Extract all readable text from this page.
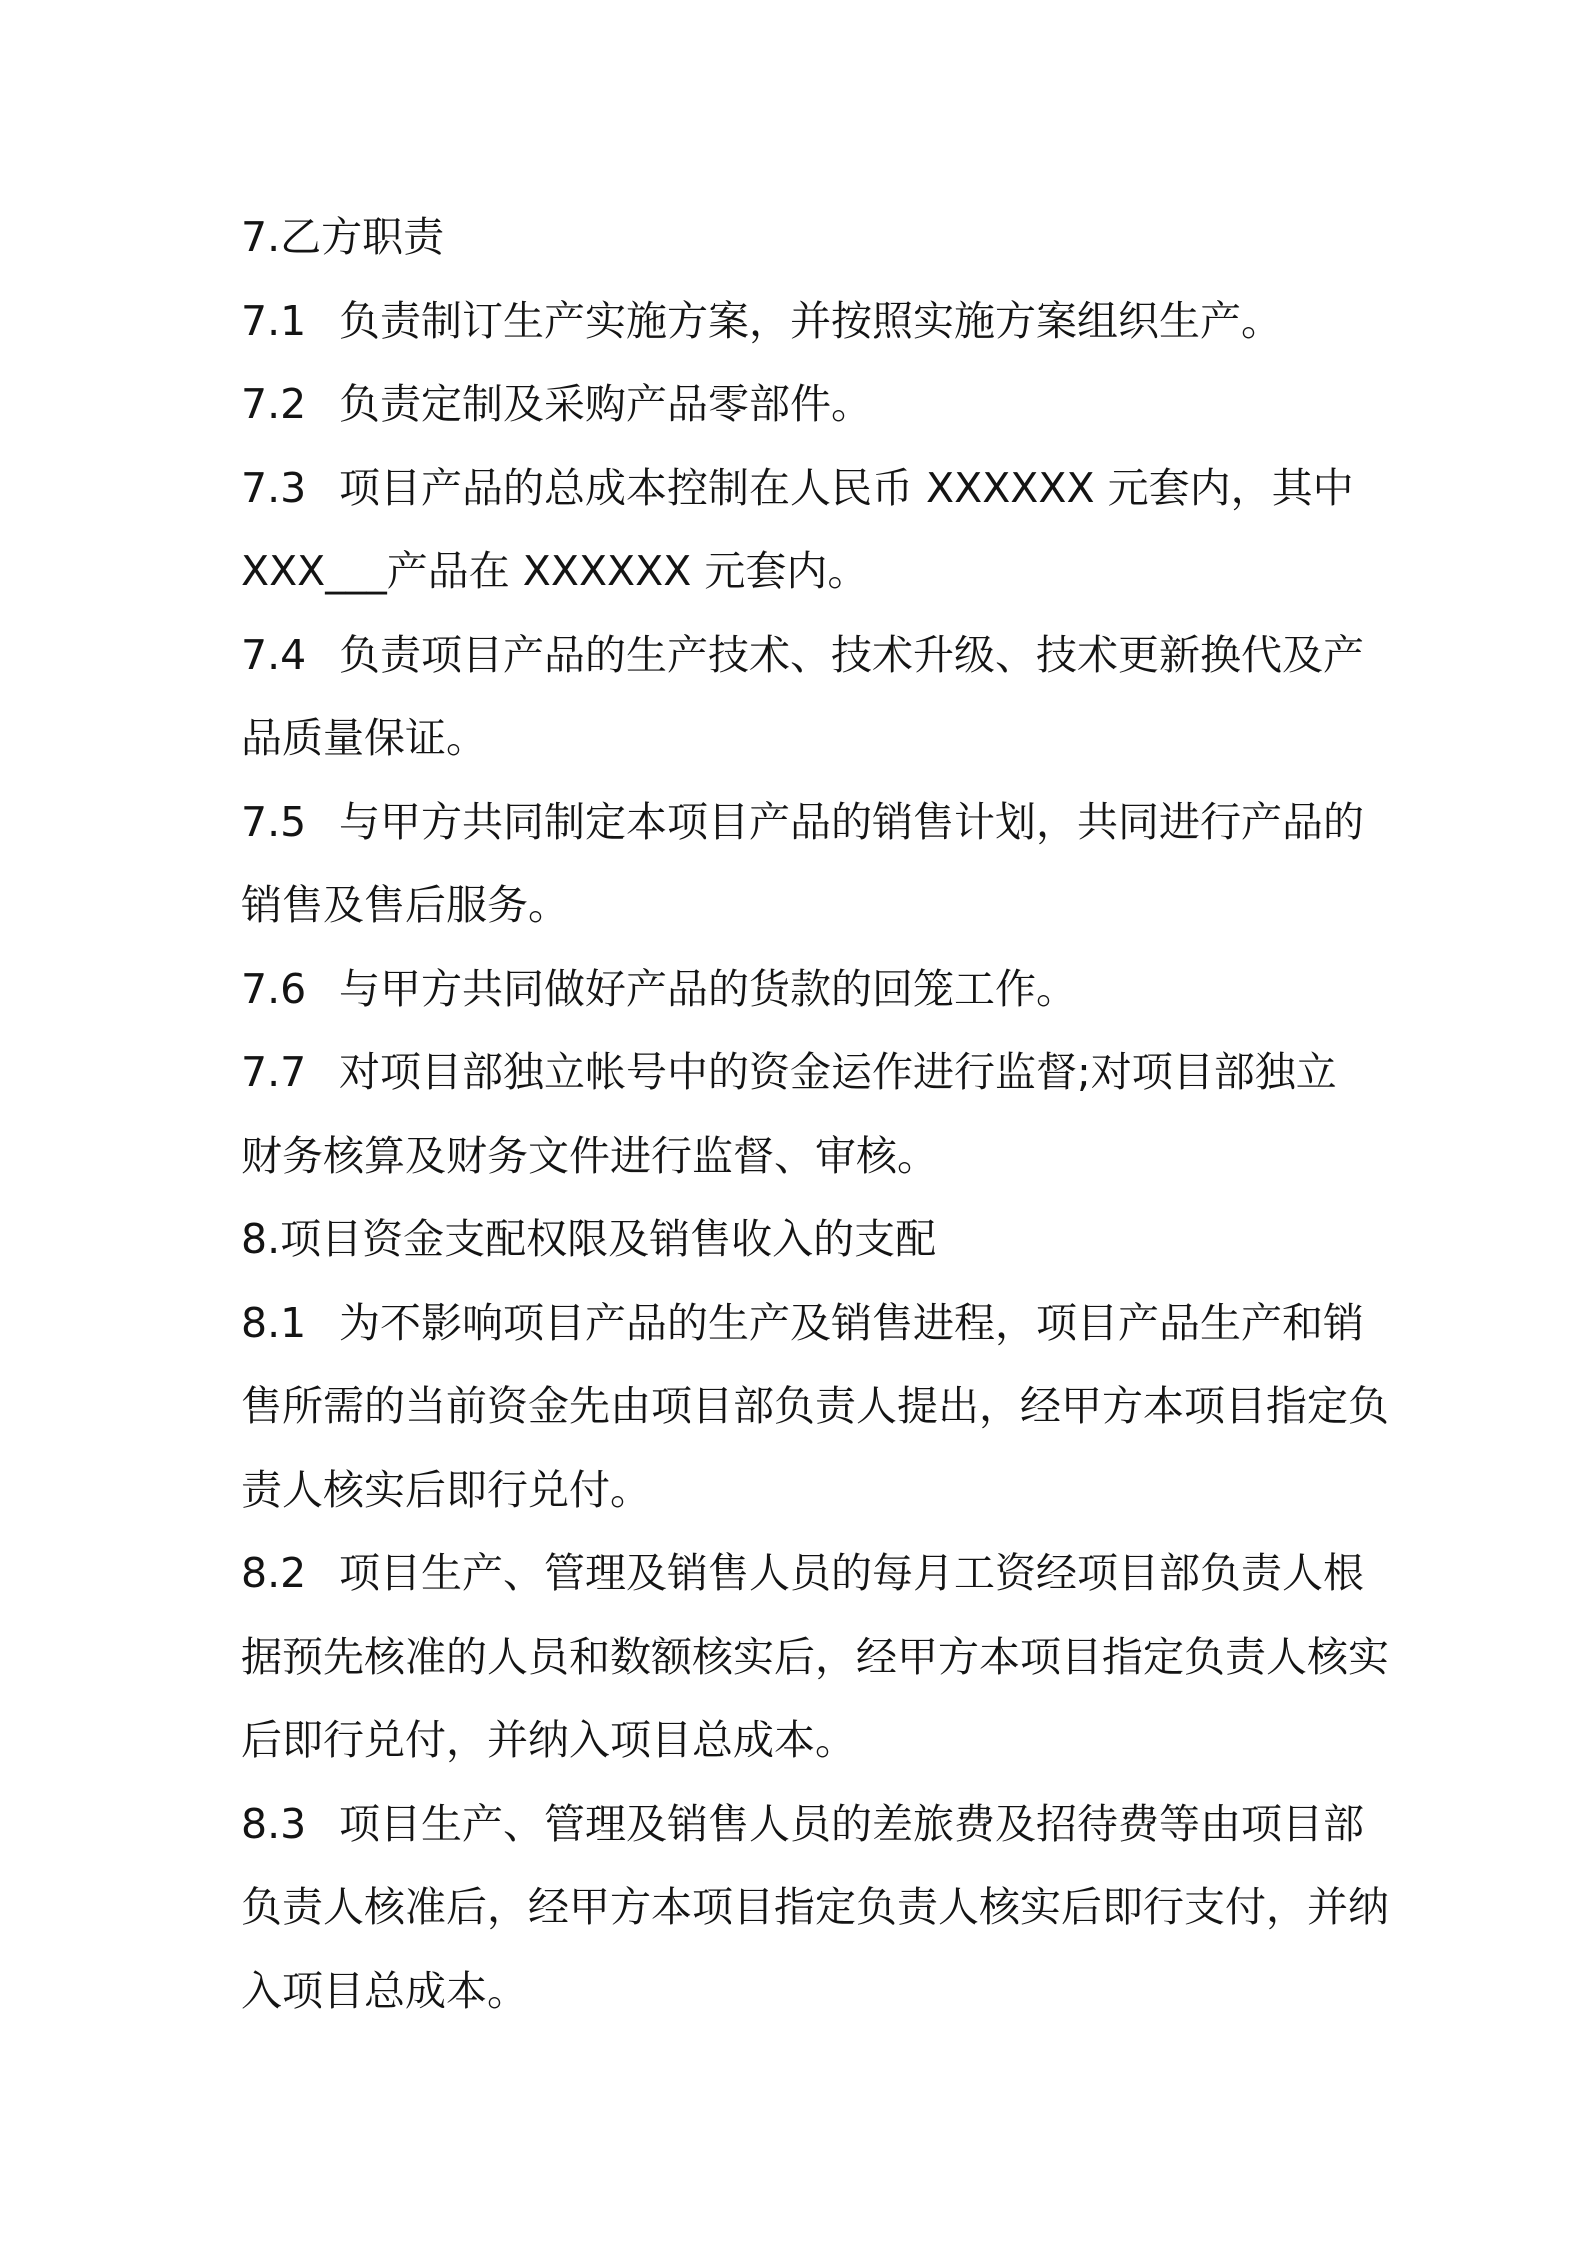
7.乙方职责
7.1 负责制订生产实施方案，并按照实施方案组织生产。
7.2 负责定制及采购产品零部件。
7.3 项目产品的总成本控制在人民币 XXXXXX 元套内，其中
XXX___产品在 XXXXXX 元套内。
7.4 负责项目产品的生产技术、技术升级、技术更新换代及产
品质量保证。
7.5 与甲方共同制定本项目产品的销售计划，共同进行产品的
销售及售后服务。
7.6 与甲方共同做好产品的货款的回笼工作。
7.7 对项目部独立帐号中的资金运作进行监督;对项目部独立
财务核算及财务文件进行监督、审核。
8.项目资金支配权限及销售收入的支配
8.1 为不影响项目产品的生产及销售进程，项目产品生产和销
售所需的当前资金先由项目部负责人提出，经甲方本项目指定负
责人核实后即行兑付。
8.2 项目生产、管理及销售人员的每月工资经项目部负责人根
据预先核准的人员和数额核实后，经甲方本项目指定负责人核实
后即行兑付，并纳入项目总成本。
8.3 项目生产、管理及销售人员的差旅费及招待费等由项目部
负责人核准后，经甲方本项目指定负责人核实后即行支付，并纳
入项目总成本。
